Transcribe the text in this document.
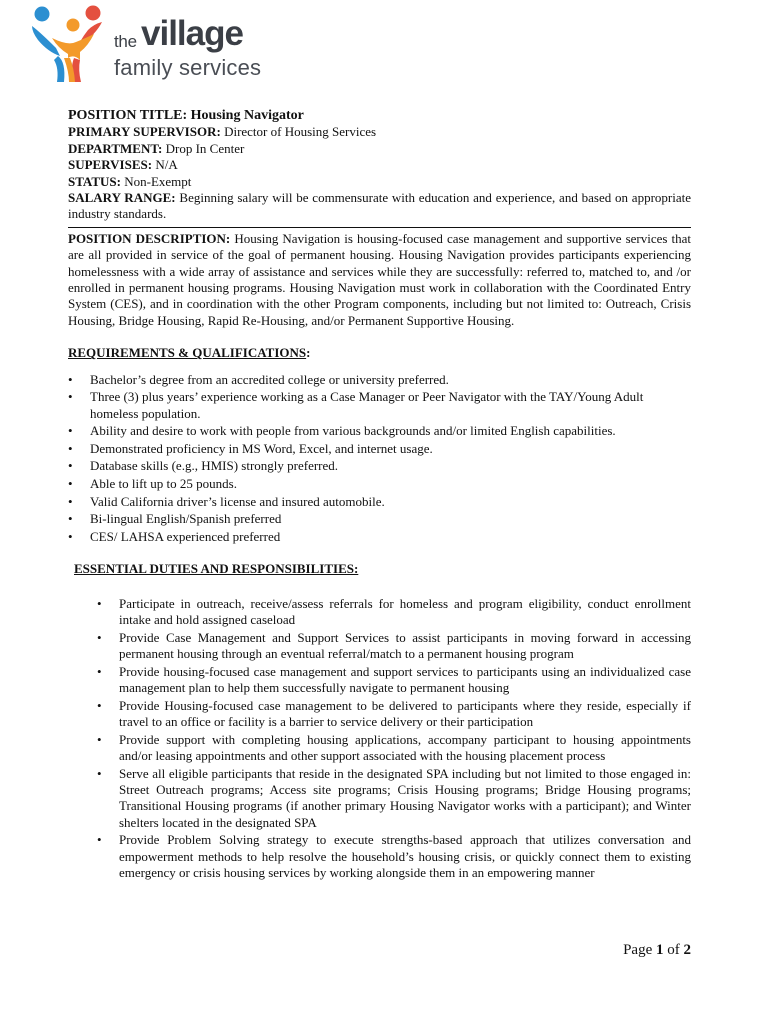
the village
family services

POSITION TITLE: Housing Navigator

PRIMARY SUPERVISOR: Director of Housing Services

DEPARTMENT: Drop In Center

SUPERVISES: N/A

STATUS: Non-Exempt

SALARY RANGE: Beginning salary will be commensurate with education and experience, and based on appropriate industry standards.

POSITION DESCRIPTION: Housing Navigation is housing-focused case management and supportive services that are all provided in service of the goal of permanent housing. Housing Navigation provides participants experiencing homelessness with a wide array of assistance and services while they are successfully: referred to, matched to, and /or enrolled in permanent housing programs. Housing Navigation must work in collaboration with the Coordinated Entry System (CES), and in coordination with the other Program components, including but not limited to: Outreach, Crisis Housing, Bridge Housing, Rapid Re-Housing, and/or Permanent Supportive Housing.

REQUIREMENTS & QUALIFICATIONS:

• Bachelor’s degree from an accredited college or university preferred.
• Three (3) plus years’ experience working as a Case Manager or Peer Navigator with the TAY/Young Adult homeless population.
• Ability and desire to work with people from various backgrounds and/or limited English capabilities.
• Demonstrated proficiency in MS Word, Excel, and internet usage.
• Database skills (e.g., HMIS) strongly preferred.
• Able to lift up to 25 pounds.
• Valid California driver’s license and insured automobile.
• Bi-lingual English/Spanish preferred
• CES/ LAHSA experienced preferred

ESSENTIAL DUTIES AND RESPONSIBILITIES:

• Participate in outreach, receive/assess referrals for homeless and program eligibility, conduct enrollment intake and hold assigned caseload
• Provide Case Management and Support Services to assist participants in moving forward in accessing permanent housing through an eventual referral/match to a permanent housing program
• Provide housing-focused case management and support services to participants using an individualized case management plan to help them successfully navigate to permanent housing
• Provide Housing-focused case management to be delivered to participants where they reside, especially if travel to an office or facility is a barrier to service delivery or their participation
• Provide support with completing housing applications, accompany participant to housing appointments and/or leasing appointments and other support associated with the housing placement process
• Serve all eligible participants that reside in the designated SPA including but not limited to those engaged in: Street Outreach programs; Access site programs; Crisis Housing programs; Bridge Housing programs; Transitional Housing programs (if another primary Housing Navigator works with a participant); and Winter shelters located in the designated SPA
• Provide Problem Solving strategy to execute strengths-based approach that utilizes conversation and empowerment methods to help resolve the household’s housing crisis, or quickly connect them to existing emergency or crisis housing services by working alongside them in an empowering manner
Page 1 of 2
